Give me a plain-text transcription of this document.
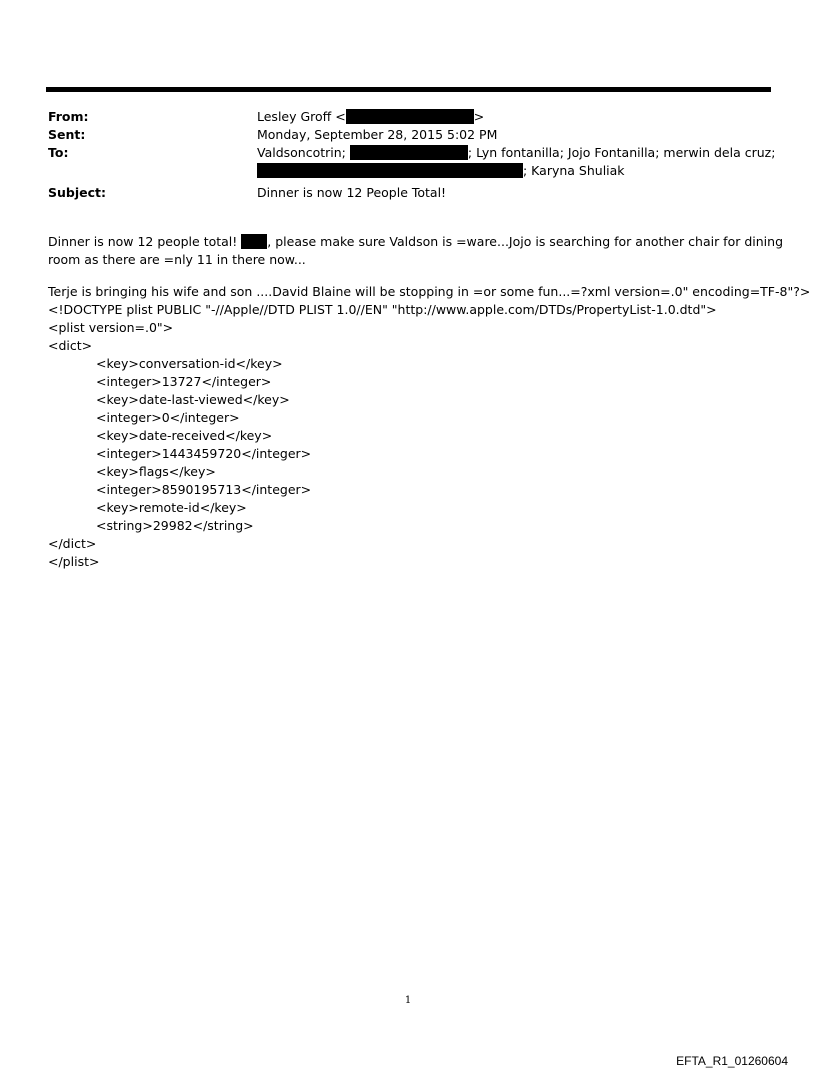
From:	Lesley Groff <	>
Sent:	Monday, September 28, 2015 5:02 PM
To:	Valdsoncotrin;	; Lyn fontanilla; Jojo Fontanilla; merwin dela cruz;
; Karyna Shuliak
Subject:	Dinner is now 12 People Total!

Dinner is now 12 people total! , please make sure Valdson is =ware...Jojo is searching for another chair for dining

room as there are =nly 11 in there now...

Terje is bringing his wife and son ....David Blaine will be stopping in =or some fun...=?xml version=.0" encoding=TF-8"?>

<!DOCTYPE plist PUBLIC "-//Apple//DTD PLIST 1.0//EN" "http://www.apple.com/DTDs/PropertyList-1.0.dtd">

<plist version=.0">

<dict>

<key>conversation-id</key>

<integer>13727</integer>

<key>date-last-viewed</key>

<integer>0</integer>

<key>date-received</key>

<integer>1443459720</integer>

<key>flags</key>

<integer>8590195713</integer>

<key>remote-id</key>

<string>29982</string>

</dict>

</plist>

1
EFTA_R1_01260604
